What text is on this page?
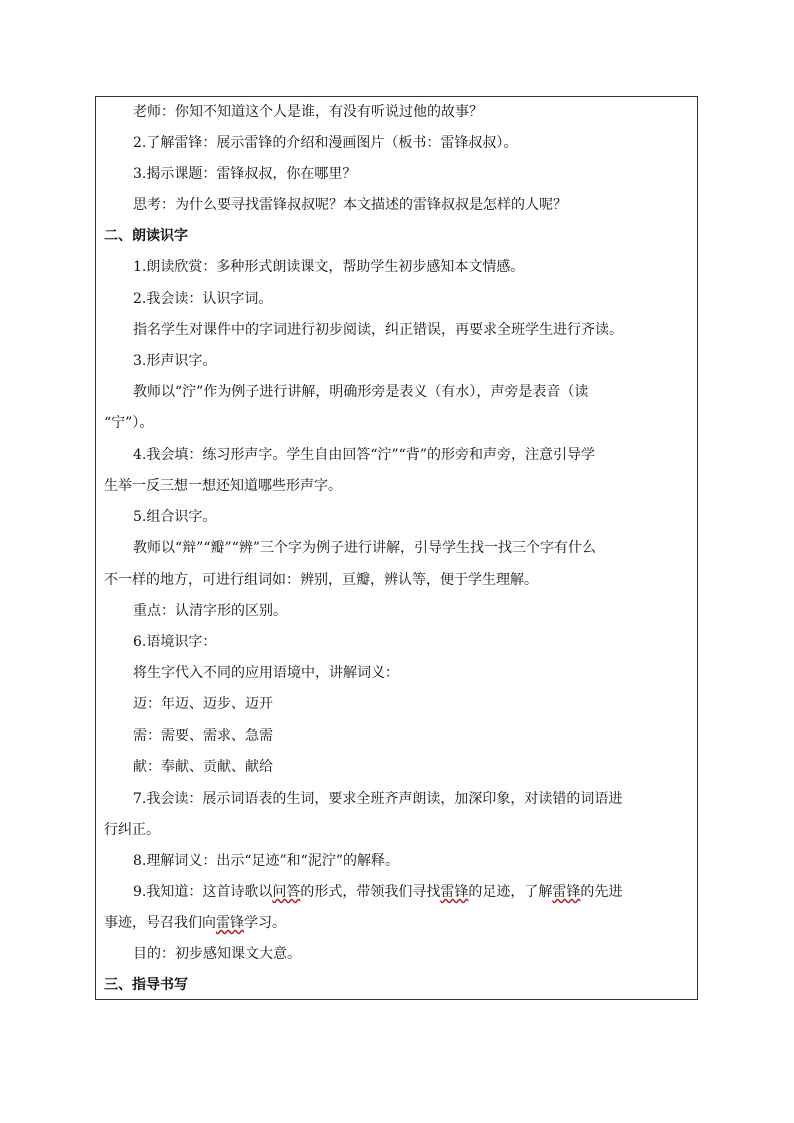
老师：你知不知道这个人是谁，有没有听说过他的故事？
2.了解雷锋：展示雷锋的介绍和漫画图片（板书：雷锋叔叔）。
3.揭示课题：雷锋叔叔，你在哪里？
思考：为什么要寻找雷锋叔叔呢？本文描述的雷锋叔叔是怎样的人呢？
二、朗读识字
1.朗读欣赏：多种形式朗读课文，帮助学生初步感知本文情感。
2.我会读：认识字词。
指名学生对课件中的字词进行初步阅读，纠正错误，再要求全班学生进行齐读。
3.形声识字。
教师以“泞”作为例子进行讲解，明确形旁是表义（有水），声旁是表音（读
“宁”）。
4.我会填：练习形声字。学生自由回答“泞”“背”的形旁和声旁，注意引导学
生举一反三想一想还知道哪些形声字。
5.组合识字。
教师以“辩”“瓣”“辨”三个字为例子进行讲解，引导学生找一找三个字有什么
不一样的地方，可进行组词如：辨别，亘瓣，辨认等，便于学生理解。
重点：认清字形的区别。
6.语境识字：
将生字代入不同的应用语境中，讲解词义：
迈：年迈、迈步、迈开
需：需要、需求、急需
献：奉献、贡献、献给
7.我会读：展示词语表的生词，要求全班齐声朗读，加深印象，对读错的词语进
行纠正。
8.理解词义：出示“足迹”和“泥泞”的解释。
9.我知道：这首诗歌以问答的形式，带领我们寻找雷锋的足迹，了解雷锋的先进
事迹，号召我们向雷锋学习。
目的：初步感知课文大意。
三、指导书写
